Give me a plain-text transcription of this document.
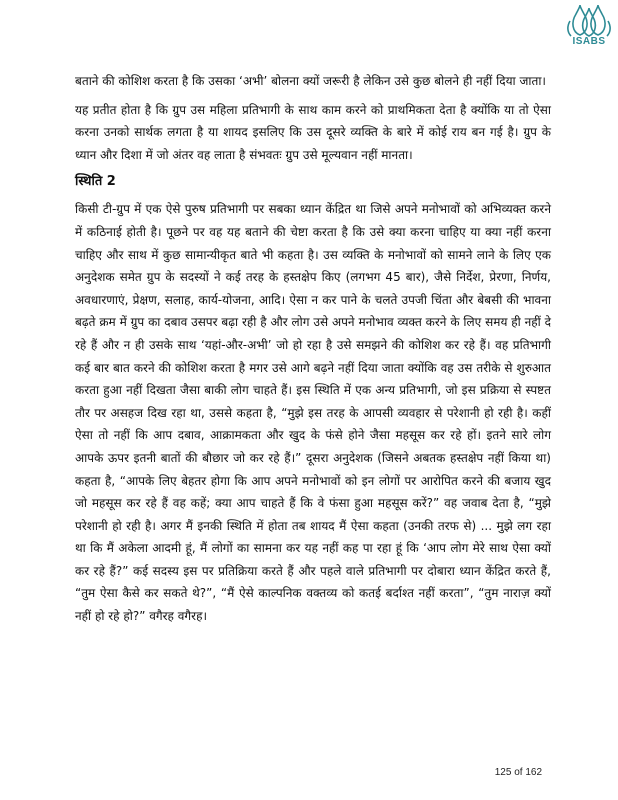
ISABS

बताने की कोशिश करता है कि उसका ‘अभी’ बोलना क्यों जरूरी है लेकिन उसे कुछ बोलने ही नहीं दिया जाता।

यह प्रतीत होता है कि ग्रुप उस महिला प्रतिभागी के साथ काम करने को प्राथमिकता देता है क्योंकि या तो ऐसा करना उनको सार्थक लगता है या शायद इसलिए कि उस दूसरे व्यक्ति के बारे में कोई राय बन गई है। ग्रुप के ध्यान और दिशा में जो अंतर वह लाता है संभवतः ग्रुप उसे मूल्यवान नहीं मानता।

स्थिति 2

किसी टी-ग्रुप में एक ऐसे पुरुष प्रतिभागी पर सबका ध्यान केंद्रित था जिसे अपने मनोभावों को अभिव्यक्त करने में कठिनाई होती है। पूछने पर वह यह बताने की चेष्टा करता है कि उसे क्या करना चाहिए या क्या नहीं करना चाहिए और साथ में कुछ सामान्यीकृत बाते भी कहता है। उस व्यक्ति के मनोभावों को सामने लाने के लिए एक अनुदेशक समेत ग्रुप के सदस्यों ने कई तरह के हस्तक्षेप किए (लगभग 45 बार), जैसे निर्देश, प्रेरणा, निर्णय, अवधारणाएं, प्रेक्षण, सलाह, कार्य-योजना, आदि। ऐसा न कर पाने के चलते उपजी चिंता और बेबसी की भावना बढ़ते क्रम में ग्रुप का दबाव उसपर बढ़ा रही है और लोग उसे अपने मनोभाव व्यक्त करने के लिए समय ही नहीं दे रहे हैं और न ही उसके साथ ‘यहां-और-अभी’ जो हो रहा है उसे समझने की कोशिश कर रहे हैं। वह प्रतिभागी कई बार बात करने की कोशिश करता है मगर उसे आगे बढ़ने नहीं दिया जाता क्योंकि वह उस तरीके से शुरुआत करता हुआ नहीं दिखता जैसा बाकी लोग चाहते हैं। इस स्थिति में एक अन्य प्रतिभागी, जो इस प्रक्रिया से स्पष्टत तौर पर असहज दिख रहा था, उससे कहता है, “मुझे इस तरह के आपसी व्यवहार से परेशानी हो रही है। कहीं ऐसा तो नहीं कि आप दबाव, आक्रामकता और खुद के फंसे होने जैसा महसूस कर रहे हों। इतने सारे लोग आपके ऊपर इतनी बातों की बौछार जो कर रहे हैं।” दूसरा अनुदेशक (जिसने अबतक हस्तक्षेप नहीं किया था) कहता है, “आपके लिए बेहतर होगा कि आप अपने मनोभावों को इन लोगों पर आरोपित करने की बजाय खुद जो महसूस कर रहे हैं वह कहें; क्या आप चाहते हैं कि वे फंसा हुआ महसूस करें?” वह जवाब देता है, “मुझे परेशानी हो रही है। अगर मैं इनकी स्थिति में होता तब शायद मैं ऐसा कहता (उनकी तरफ से) ... मुझे लग रहा था कि मैं अकेला आदमी हूं, मैं लोगों का सामना कर यह नहीं कह पा रहा हूं कि ‘आप लोग मेरे साथ ऐसा क्यों कर रहे हैं?” कई सदस्य इस पर प्रतिक्रिया करते हैं और पहले वाले प्रतिभागी पर दोबारा ध्यान केंद्रित करते हैं, “तुम ऐसा कैसे कर सकते थे?”, “मैं ऐसे काल्पनिक वक्तव्य को कतई बर्दाश्त नहीं करता”, “तुम नाराज़ क्यों नहीं हो रहे हो?” वगैरह वगैरह।

125 of 162
